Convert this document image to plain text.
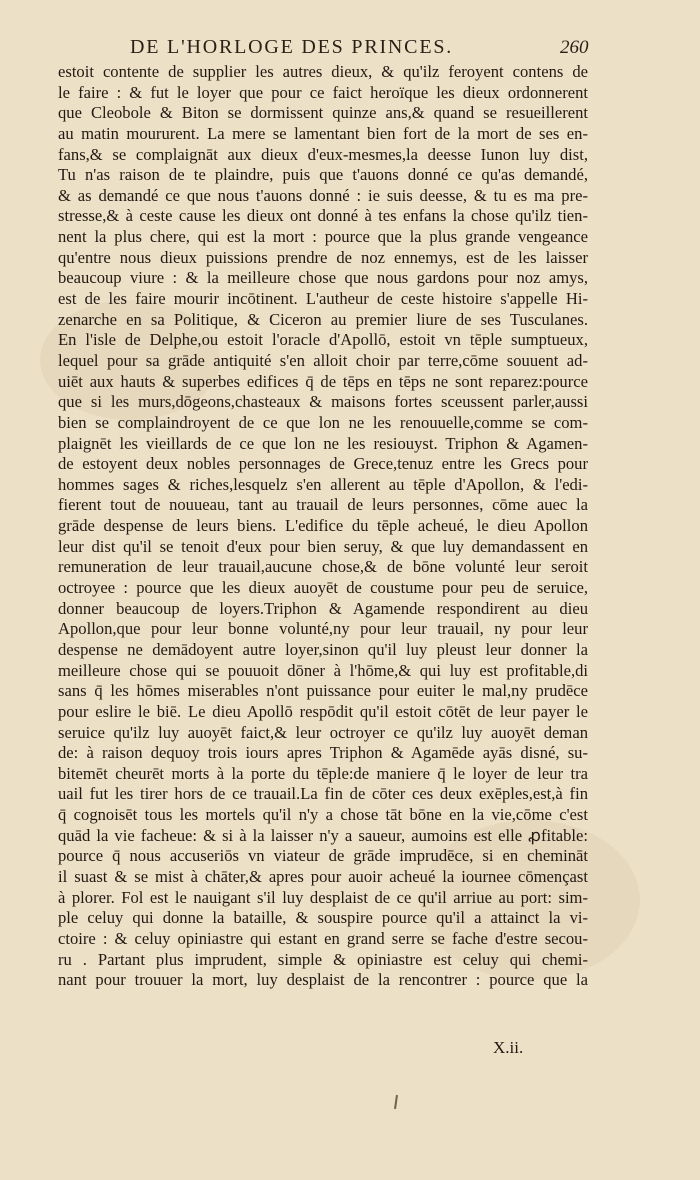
DE L'HORLOGE DES PRINCES.	260
estoit contente de supplier les autres dieux, & qu'ilz feroyent contens de
le faire : & fut le loyer que pour ce faict heroïque les dieux ordonnerent
que Cleobole & Biton se dormissent quinze ans,& quand se resueillerent
au matin moururent. La mere se lamentant bien fort de la mort de ses en-
fans,& se complaignāt aux dieux d'eux-mesmes,la deesse Iunon luy dist,
Tu n'as raison de te plaindre, puis que t'auons donné ce qu'as demandé,
& as demandé ce que nous t'auons donné : ie suis deesse, & tu es ma pre-
stresse,& à ceste cause les dieux ont donné à tes enfans la chose qu'ilz tien-
nent la plus chere, qui est la mort : pource que la plus grande vengeance
qu'entre nous dieux puissions prendre de noz ennemys, est de les laisser
beaucoup viure : & la meilleure chose que nous gardons pour noz amys,
est de les faire mourir incōtinent. L'autheur de ceste histoire s'appelle Hi-
zenarche en sa Politique, & Ciceron au premier liure de ses Tusculanes.
En l'isle de Delphe,ou estoit l'oracle d'Apollō, estoit vn tēple sumptueux,
lequel pour sa grāde antiquité s'en alloit choir par terre,cōme souuent ad-
uiēt aux hauts & superbes edifices q̄ de tēps en tēps ne sont reparez:pource
que si les murs,dōgeons,chasteaux & maisons fortes sceussent parler,aussi
bien se complaindroyent de ce que lon ne les renouuelle,comme se com-
plaignēt les vieillards de ce que lon ne les resiouyst. Triphon & Agamen-
de estoyent deux nobles personnages de Grece,tenuz entre les Grecs pour
hommes sages & riches,lesquelz s'en allerent au tēple d'Apollon, & l'edi-
fierent tout de nouueau, tant au trauail de leurs personnes, cōme auec la
grāde despense de leurs biens. L'edifice du tēple acheué, le dieu Apollon
leur dist qu'il se tenoit d'eux pour bien seruy, & que luy demandassent en
remuneration de leur trauail,aucune chose,& de bōne volunté leur seroit
octroyee : pource que les dieux auoyēt de coustume pour peu de seruice,
donner beaucoup de loyers.Triphon & Agamende respondirent au dieu
Apollon,que pour leur bonne volunté,ny pour leur trauail, ny pour leur
despense ne demādoyent autre loyer,sinon qu'il luy pleust leur donner la
meilleure chose qui se pouuoit dōner à l'hōme,& qui luy est profitable,di
sans q̄ les hōmes miserables n'ont puissance pour euiter le mal,ny prudēce
pour eslire le biē. Le dieu Apollō respōdit qu'il estoit cōtēt de leur payer le
seruice qu'ilz luy auoyēt faict,& leur octroyer ce qu'ilz luy auoyēt deman
de: à raison dequoy trois iours apres Triphon & Agamēde ayās disné, su-
bitemēt cheurēt morts à la porte du tēple:de maniere q̄ le loyer de leur tra
uail fut les tirer hors de ce trauail.La fin de cōter ces deux exēples,est,à fin
q̄ cognoisēt tous les mortels qu'il n'y a chose tāt bōne en la vie,cōme c'est
quād la vie facheue: & si à la laisser n'y a saueur, aumoins est elle ꝓfitable:
pource q̄ nous accuseriōs vn viateur de grāde imprudēce, si en chemināt
il suast & se mist à chāter,& apres pour auoir acheué la iournee cōmençast
à plorer. Fol est le nauigant s'il luy desplaist de ce qu'il arriue au port: sim-
ple celuy qui donne la bataille, & souspire pource qu'il a attainct la vi-
ctoire : & celuy opiniastre qui estant en grand serre se fache d'estre secou-
ru . Partant plus imprudent, simple & opiniastre est celuy qui chemi-
nant pour trouuer la mort, luy desplaist de la rencontrer : pource que la
X.ii.
